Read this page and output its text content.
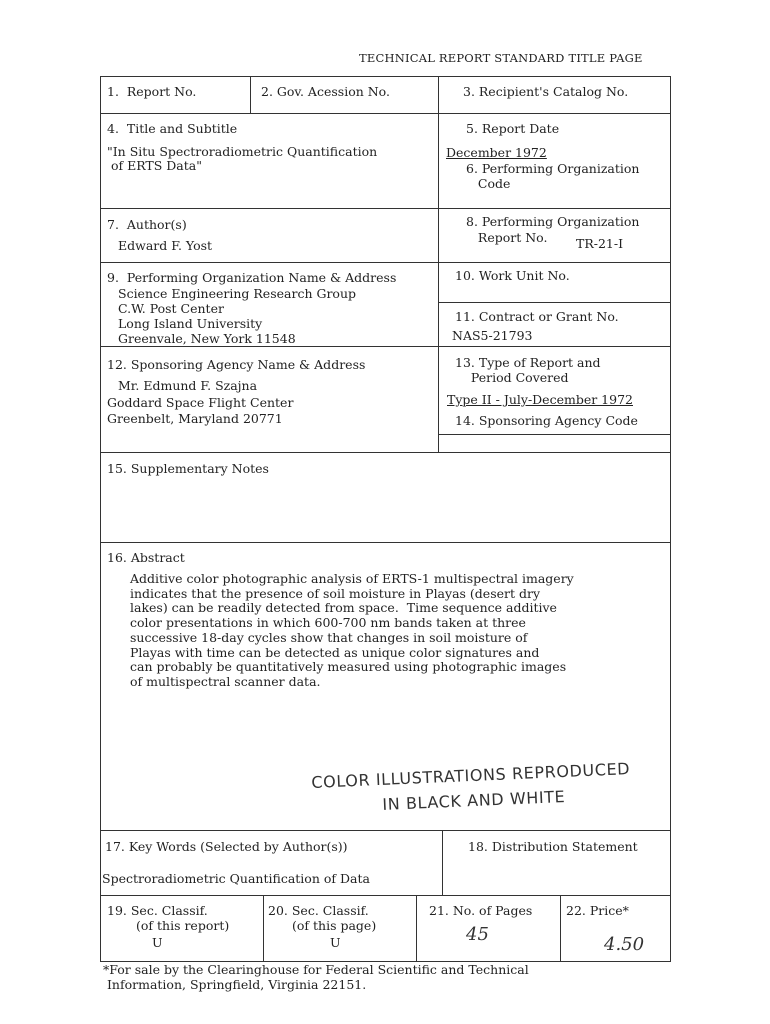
TECHNICAL REPORT STANDARD TITLE PAGE
1.  Report No.	2. Gov. Acession No.	3. Recipient's Catalog No.
4.  Title and Subtitle
"In Situ Spectroradiometric Quantification
of ERTS Data"
5. Report Date
December 1972
6. Performing Organization
Code
7.  Author(s)
Edward F. Yost
8. Performing Organization
Report No. TR-21-I
9.  Performing Organization Name & Address
Science Engineering Research Group
C.W. Post Center
Long Island University
Greenvale, New York 11548
10. Work Unit No.
11. Contract or Grant No.
NAS5-21793
12. Sponsoring Agency Name & Address
Mr. Edmund F. Szajna
Goddard Space Flight Center
Greenbelt, Maryland 20771
13. Type of Report and
Period Covered
Type II - July-December 1972
14. Sponsoring Agency Code
15. Supplementary Notes
16. Abstract
Additive color photographic analysis of ERTS-1 multispectral imagery
indicates that the presence of soil moisture in Playas (desert dry
lakes) can be readily detected from space.  Time sequence additive
color presentations in which 600-700 nm bands taken at three
successive 18-day cycles show that changes in soil moisture of
Playas with time can be detected as unique color signatures and
can probably be quantitatively measured using photographic images
of multispectral scanner data.
COLOR ILLUSTRATIONS REPRODUCED
IN BLACK AND WHITE
17. Key Words (Selected by Author(s))
Spectroradiometric Quantification of Data
18. Distribution Statement
19. Sec. Classif.
(of this report)
U
20. Sec. Classif.
(of this page)
U
21. No. of Pages
45
22. Price*
4.50
*For sale by the Clearinghouse for Federal Scientific and Technical
Information, Springfield, Virginia 22151.
